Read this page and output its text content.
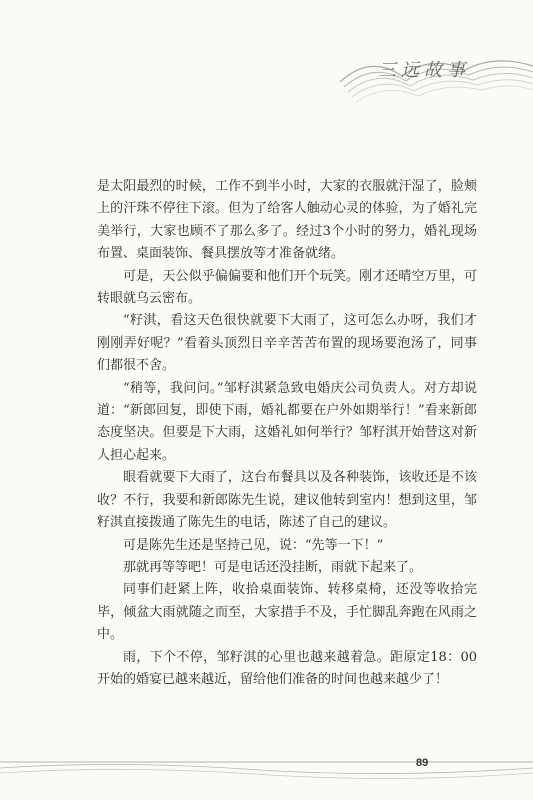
三远故事

是太阳最烈的时候，工作不到半小时，大家的衣服就汗湿了，脸颊上的汗珠不停往下滚。但为了给客人触动心灵的体验，为了婚礼完美举行，大家也顾不了那么多了。经过3个小时的努力，婚礼现场布置、桌面装饰、餐具摆放等才准备就绪。

可是，天公似乎偏偏要和他们开个玩笑。刚才还晴空万里，可转眼就乌云密布。

“籽淇，看这天色很快就要下大雨了，这可怎么办呀，我们才刚刚弄好呢？”看着头顶烈日辛辛苦苦布置的现场要泡汤了，同事们都很不舍。

“稍等，我问问。”邹籽淇紧急致电婚庆公司负责人。对方却说道：“新郎回复，即使下雨，婚礼都要在户外如期举行！”看来新郎态度坚决。但要是下大雨，这婚礼如何举行？邹籽淇开始替这对新人担心起来。

眼看就要下大雨了，这台布餐具以及各种装饰，该收还是不该收？不行，我要和新郎陈先生说，建议他转到室内！想到这里，邹籽淇直接拨通了陈先生的电话，陈述了自己的建议。

可是陈先生还是坚持己见，说：“先等一下！”

那就再等等吧！可是电话还没挂断，雨就下起来了。

同事们赶紧上阵，收拾桌面装饰、转移桌椅，还没等收拾完毕，倾盆大雨就随之而至，大家措手不及，手忙脚乱奔跑在风雨之中。

雨，下个不停，邹籽淇的心里也越来越着急。距原定18：00开始的婚宴已越来越近，留给他们准备的时间也越来越少了！

89
